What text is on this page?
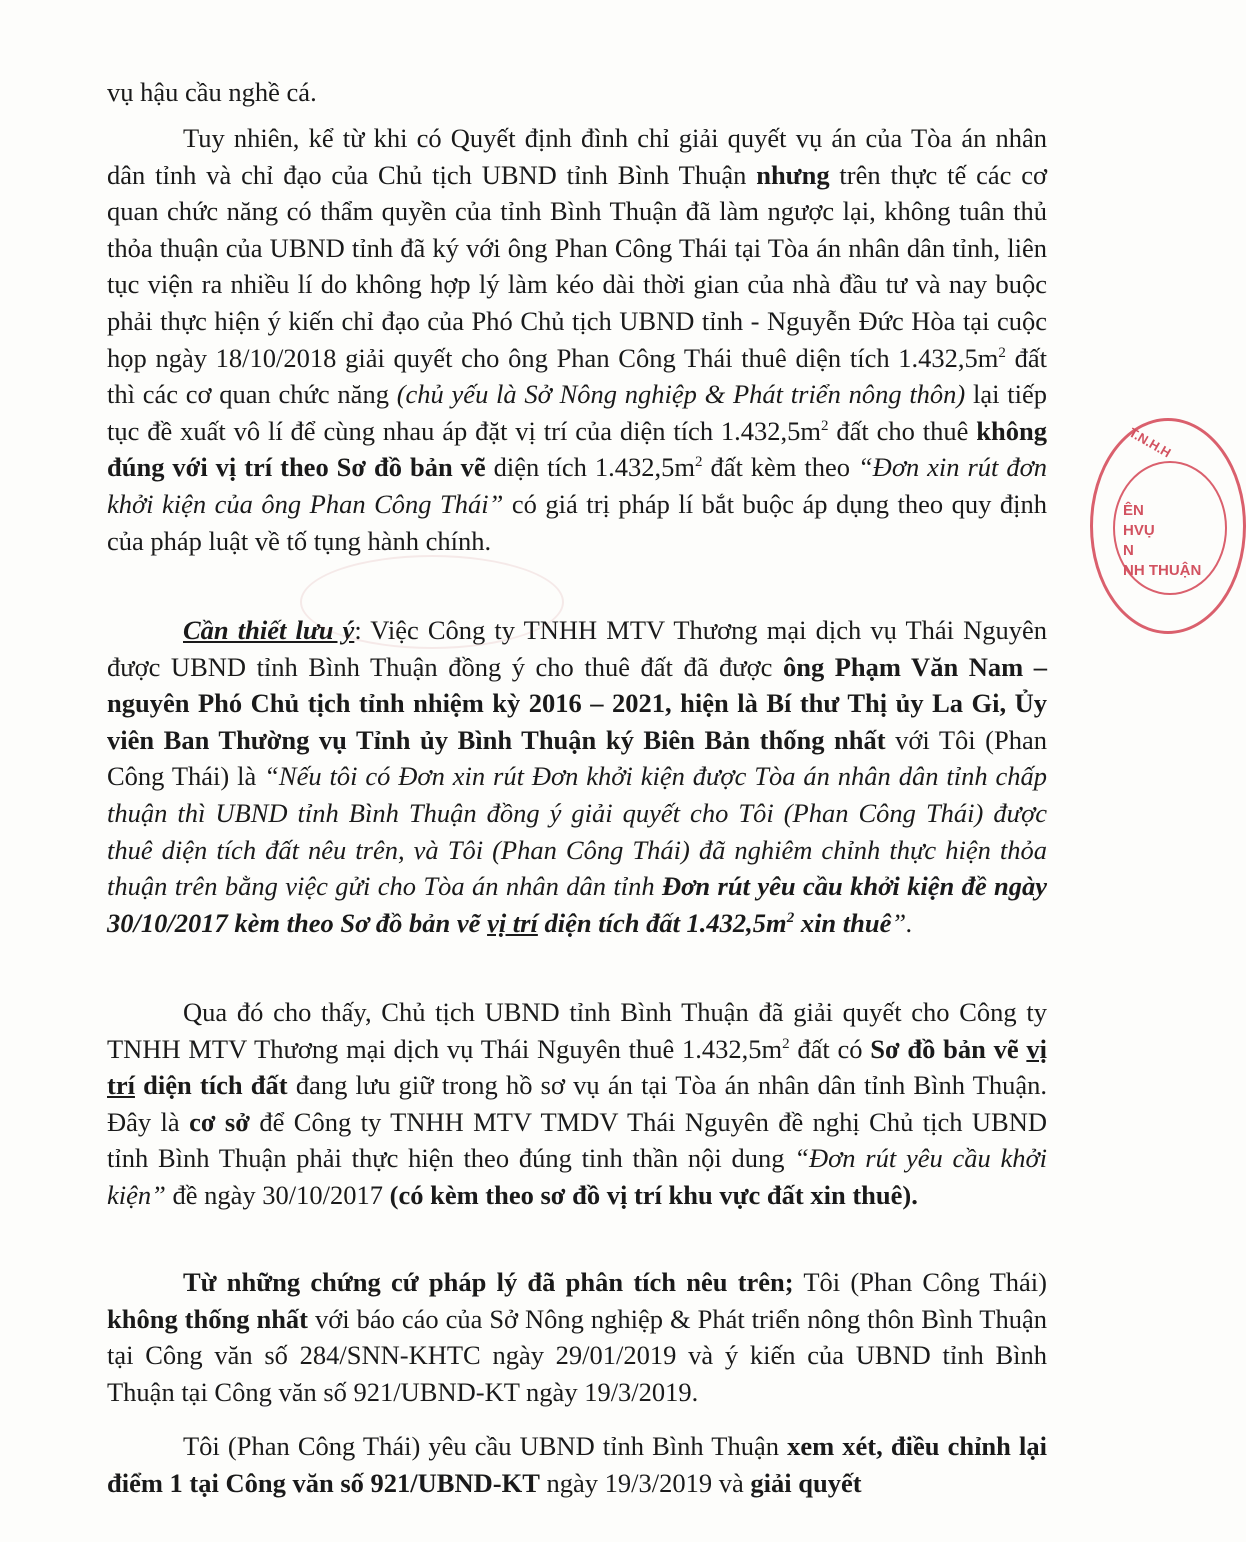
vụ hậu cầu nghề cá.

Tuy nhiên, kể từ khi có Quyết định đình chỉ giải quyết vụ án của Tòa án nhân dân tỉnh và chỉ đạo của Chủ tịch UBND tỉnh Bình Thuận nhưng trên thực tế các cơ quan chức năng có thẩm quyền của tỉnh Bình Thuận đã làm ngược lại, không tuân thủ thỏa thuận của UBND tỉnh đã ký với ông Phan Công Thái tại Tòa án nhân dân tỉnh, liên tục viện ra nhiều lí do không hợp lý làm kéo dài thời gian của nhà đầu tư và nay buộc phải thực hiện ý kiến chỉ đạo của Phó Chủ tịch UBND tỉnh - Nguyễn Đức Hòa tại cuộc họp ngày 18/10/2018 giải quyết cho ông Phan Công Thái thuê diện tích $1.432,5m^2$ đất thì các cơ quan chức năng (chủ yếu là Sở Nông nghiệp & Phát triển nông thôn) lại tiếp tục đề xuất vô lí để cùng nhau áp đặt vị trí của diện tích $1.432,5m^2$ đất cho thuê không đúng với vị trí theo Sơ đồ bản vẽ diện tích $1.432,5m^2$ đất kèm theo “Đơn xin rút đơn khởi kiện của ông Phan Công Thái” có giá trị pháp lí bắt buộc áp dụng theo quy định của pháp luật về tố tụng hành chính.

Cần thiết lưu ý: Việc Công ty TNHH MTV Thương mại dịch vụ Thái Nguyên được UBND tỉnh Bình Thuận đồng ý cho thuê đất đã được ông Phạm Văn Nam – nguyên Phó Chủ tịch tỉnh nhiệm kỳ 2016 – 2021, hiện là Bí thư Thị ủy La Gi, Ủy viên Ban Thường vụ Tỉnh ủy Bình Thuận ký Biên Bản thống nhất với Tôi (Phan Công Thái) là “Nếu tôi có Đơn xin rút Đơn khởi kiện được Tòa án nhân dân tỉnh chấp thuận thì UBND tỉnh Bình Thuận đồng ý giải quyết cho Tôi (Phan Công Thái) được thuê diện tích đất nêu trên, và Tôi (Phan Công Thái) đã nghiêm chỉnh thực hiện thỏa thuận trên bằng việc gửi cho Tòa án nhân dân tỉnh Đơn rút yêu cầu khởi kiện đề ngày 30/10/2017 kèm theo Sơ đồ bản vẽ vị trí diện tích đất $1.432,5m^2$ xin thuê”.

Qua đó cho thấy, Chủ tịch UBND tỉnh Bình Thuận đã giải quyết cho Công ty TNHH MTV Thương mại dịch vụ Thái Nguyên thuê $1.432,5m^2$ đất có Sơ đồ bản vẽ vị trí diện tích đất đang lưu giữ trong hồ sơ vụ án tại Tòa án nhân dân tỉnh Bình Thuận. Đây là cơ sở để Công ty TNHH MTV TMDV Thái Nguyên đề nghị Chủ tịch UBND tỉnh Bình Thuận phải thực hiện theo đúng tinh thần nội dung “Đơn rút yêu cầu khởi kiện” đề ngày 30/10/2017 (có kèm theo sơ đồ vị trí khu vực đất xin thuê).

Từ những chứng cứ pháp lý đã phân tích nêu trên; Tôi (Phan Công Thái) không thống nhất với báo cáo của Sở Nông nghiệp & Phát triển nông thôn Bình Thuận tại Công văn số 284/SNN-KHTC ngày 29/01/2019 và ý kiến của UBND tỉnh Bình Thuận tại Công văn số 921/UBND-KT ngày 19/3/2019.

Tôi (Phan Công Thái) yêu cầu UBND tỉnh Bình Thuận xem xét, điều chỉnh lại điểm 1 tại Công văn số 921/UBND-KT ngày 19/3/2019 và giải quyết

T.N.H.H
ÊN
HVỤ
N
NH THUẬN
